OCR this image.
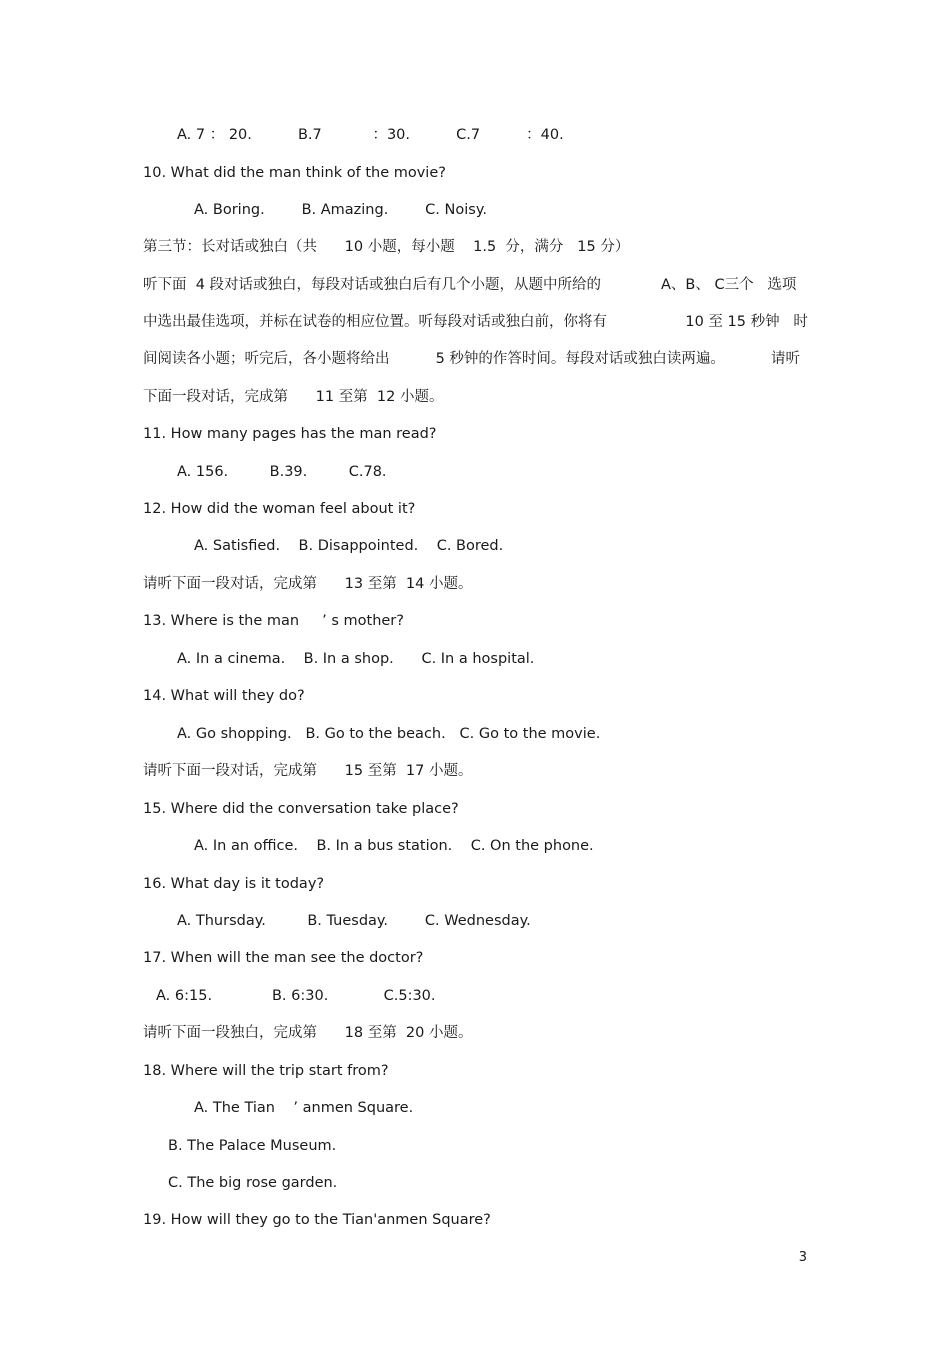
A. 7 ： 20.          B.7           ：30.          C.7          ：40.
10. What did the man think of the movie?
A. Boring.        B. Amazing.        C. Noisy.
第三节：长对话或独白（共      10 小题，每小题    1.5  分，满分   15 分）
听下面  4 段对话或独白，每段对话或独白后有几个小题，从题中所给的             A、B、 C三个   选项
中选出最佳选项，并标在试卷的相应位置。听每段对话或独白前，你将有                 10 至 15 秒钟   时
间阅读各小题；听完后，各小题将给出          5 秒钟的作答时间。每段对话或独白读两遍。          请听
下面一段对话，完成第      11 至第  12 小题。
11. How many pages has the man read?
A. 156.         B.39.         C.78.
12. How did the woman feel about it?
A. Satisfied.    B. Disappointed.    C. Bored.
请听下面一段对话，完成第      13 至第  14 小题。
13. Where is the man     ’ s mother?
A. In a cinema.    B. In a shop.      C. In a hospital.
14. What will they do?
A. Go shopping.   B. Go to the beach.   C. Go to the movie.
请听下面一段对话，完成第      15 至第  17 小题。
15. Where did the conversation take place?
A. In an office.    B. In a bus station.    C. On the phone.
16. What day is it today?
A. Thursday.         B. Tuesday.        C. Wednesday.
17. When will the man see the doctor?
A. 6:15.             B. 6:30.            C.5:30.
请听下面一段独白，完成第      18 至第  20 小题。
18. Where will the trip start from?
A. The Tian    ’ anmen Square.
B. The Palace Museum.
C. The big rose garden.
19. How will they go to the Tian'anmen Square?
3
